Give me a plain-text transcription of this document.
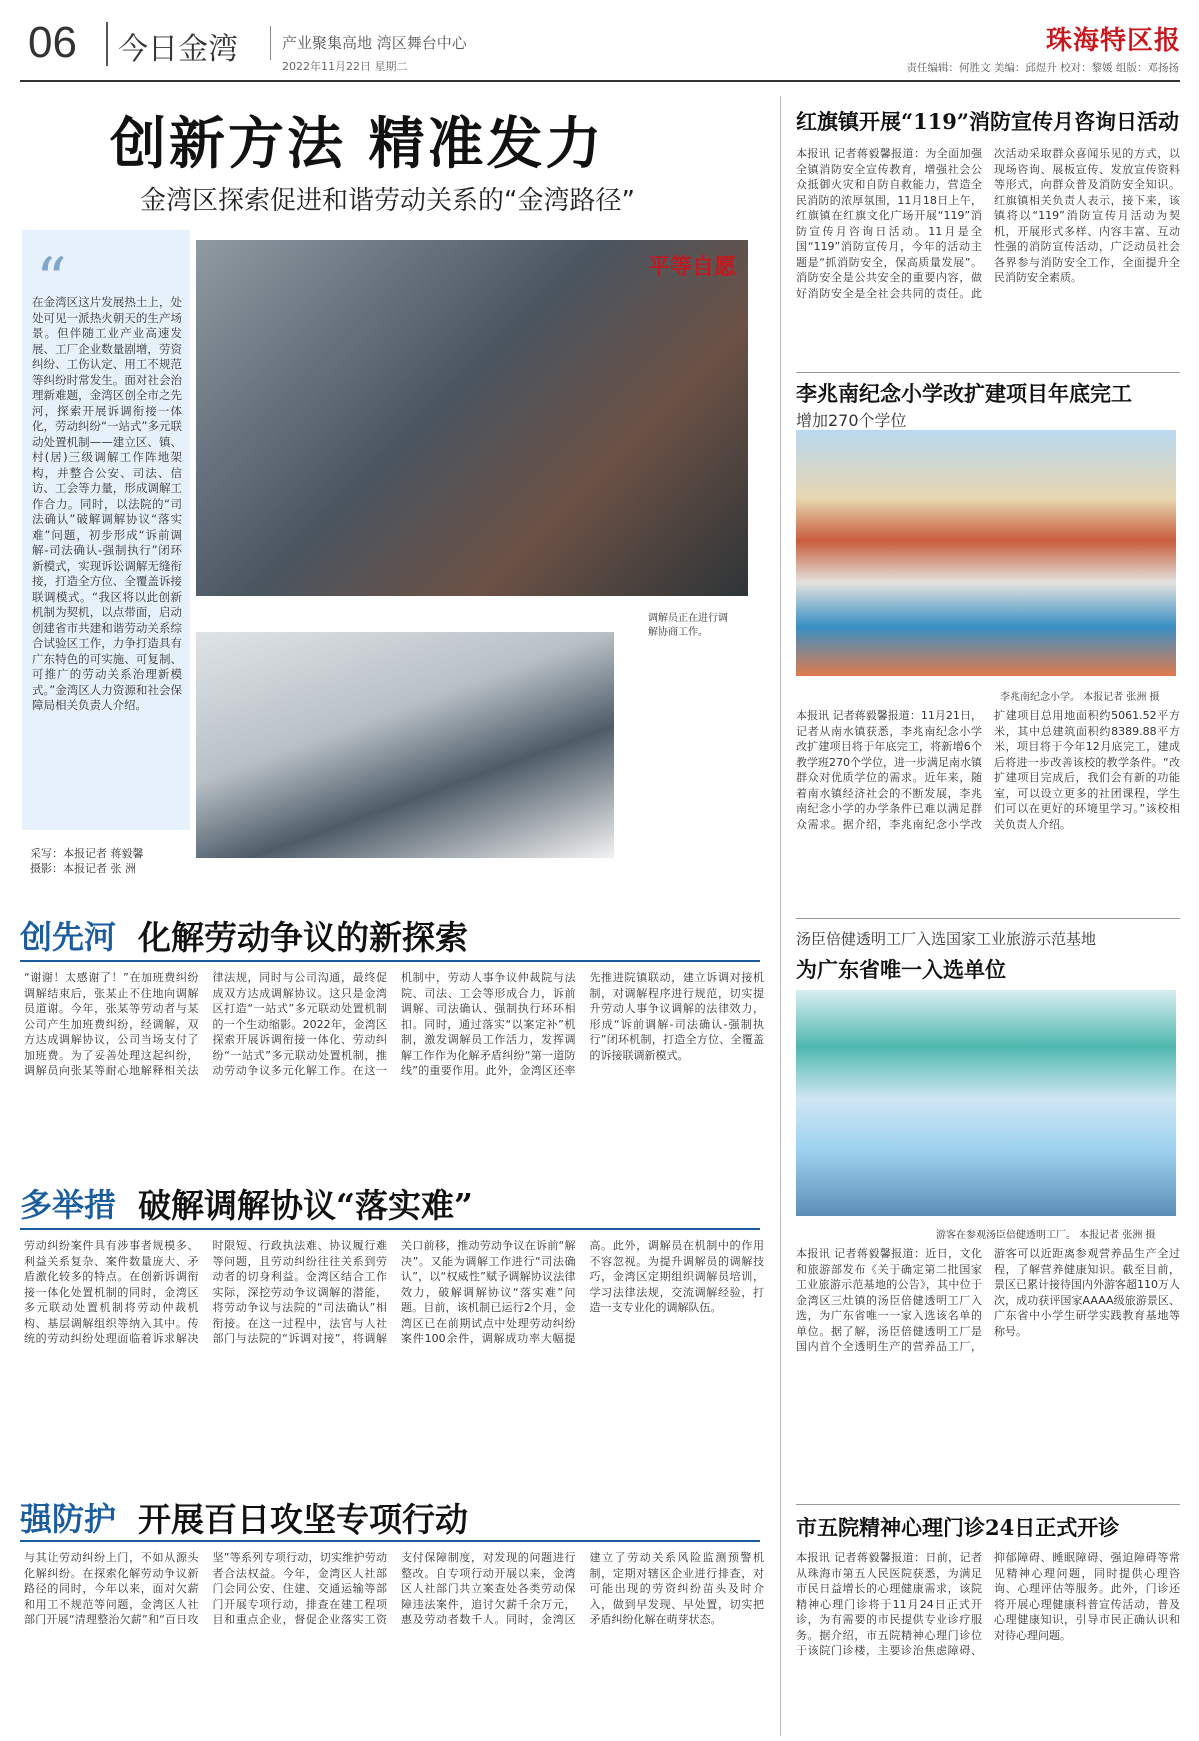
06 今日金湾	产业聚集高地 湾区舞台中心
2022年11月22日 星期二
珠海特区报
责任编辑：何胜文 美编：邱煜升 校对：黎媛 组版：邓扬扬
创新方法 精准发力
金湾区探索促进和谐劳动关系的“金湾路径”
“
在金湾区这片发展热土上，处处可见一派热火朝天的生产场景。但伴随工业产业高速发展、工厂企业数量剧增，劳资纠纷、工伤认定、用工不规范等纠纷时常发生。面对社会治理新难题，金湾区创全市之先河，探索开展诉调衔接一体化，劳动纠纷“一站式”多元联动处置机制——建立区、镇、村(居)三级调解工作阵地架构，并整合公安、司法、信访、工会等力量，形成调解工作合力。同时，以法院的“司法确认”破解调解协议“落实难”问题，初步形成“诉前调解-司法确认-强制执行”闭环新模式，实现诉讼调解无缝衔接，打造全方位、全覆盖诉接联调模式。“我区将以此创新机制为契机，以点带面，启动创建省市共建和谐劳动关系综合试验区工作，力争打造具有广东特色的可实施、可复制、可推广的劳动关系治理新模式。”金湾区人力资源和社会保障局相关负责人介绍。
采写：本报记者 蒋毅馨
摄影：本报记者 张 洲
平等自愿
调解员正在进行调解协商工作。
创先河 化解劳动争议的新探索
“谢谢！太感谢了！”在加班费纠纷调解结束后，张某止不住地向调解员道谢。今年，张某等劳动者与某公司产生加班费纠纷，经调解，双方达成调解协议，公司当场支付了加班费。为了妥善处理这起纠纷，调解员向张某等耐心地解释相关法律法规，同时与公司沟通，最终促成双方达成调解协议。这只是金湾区打造“一站式”多元联动处置机制的一个生动缩影。2022年，金湾区探索开展诉调衔接一体化、劳动纠纷“一站式”多元联动处置机制，推动劳动争议多元化解工作。在这一机制中，劳动人事争议仲裁院与法院、司法、工会等形成合力，诉前调解、司法确认、强制执行环环相扣。同时，通过落实“以案定补”机制，激发调解员工作活力，发挥调解工作作为化解矛盾纠纷“第一道防线”的重要作用。此外，金湾区还率先推进院镇联动，建立诉调对接机制，对调解程序进行规范，切实提升劳动人事争议调解的法律效力，形成“诉前调解-司法确认-强制执行”闭环机制，打造全方位、全覆盖的诉接联调新模式。
多举措 破解调解协议“落实难”
劳动纠纷案件具有涉事者规模多、利益关系复杂、案件数量庞大、矛盾激化较多的特点。在创新诉调衔接一体化处置机制的同时，金湾区多元联动处置机制将劳动仲裁机构、基层调解组织等纳入其中。传统的劳动纠纷处理面临着诉求解决时限短、行政执法难、协议履行难等问题，且劳动纠纷往往关系到劳动者的切身利益。金湾区结合工作实际，深挖劳动争议调解的潜能，将劳动争议与法院的“司法确认”相衔接。在这一过程中，法官与人社部门与法院的“诉调对接”，将调解关口前移，推动劳动争议在诉前“解决”。又能为调解工作进行“司法确认”，以“权威性”赋予调解协议法律效力，破解调解协议“落实难”问题。目前，该机制已运行2个月，金湾区已在前期试点中处理劳动纠纷案件100余件，调解成功率大幅提高。此外，调解员在机制中的作用不容忽视。为提升调解员的调解技巧，金湾区定期组织调解员培训，学习法律法规，交流调解经验，打造一支专业化的调解队伍。
强防护 开展百日攻坚专项行动
与其让劳动纠纷上门，不如从源头化解纠纷。在探索化解劳动争议新路径的同时，今年以来，面对欠薪和用工不规范等问题，金湾区人社部门开展“清理整治欠薪”和“百日攻坚”等系列专项行动，切实维护劳动者合法权益。今年，金湾区人社部门会同公安、住建、交通运输等部门开展专项行动，排查在建工程项目和重点企业，督促企业落实工资支付保障制度，对发现的问题进行整改。自专项行动开展以来，金湾区人社部门共立案查处各类劳动保障违法案件，追讨欠薪千余万元，惠及劳动者数千人。同时，金湾区建立了劳动关系风险监测预警机制，定期对辖区企业进行排查，对可能出现的劳资纠纷苗头及时介入，做到早发现、早处置，切实把矛盾纠纷化解在萌芽状态。
红旗镇开展“119”消防宣传月咨询日活动
本报讯 记者蒋毅馨报道：为全面加强全镇消防安全宣传教育，增强社会公众抵御火灾和自防自救能力，营造全民消防的浓厚氛围，11月18日上午，红旗镇在红旗文化广场开展“119”消防宣传月咨询日活动。11月是全国“119”消防宣传月，今年的活动主题是“抓消防安全，保高质量发展”。消防安全是公共安全的重要内容，做好消防安全是全社会共同的责任。此次活动采取群众喜闻乐见的方式，以现场咨询、展板宣传、发放宣传资料等形式，向群众普及消防安全知识。红旗镇相关负责人表示，接下来，该镇将以“119”消防宣传月活动为契机，开展形式多样、内容丰富、互动性强的消防宣传活动，广泛动员社会各界参与消防安全工作，全面提升全民消防安全素质。
李兆南纪念小学改扩建项目年底完工
增加270个学位
李兆南纪念小学。 本报记者 张洲 摄
本报讯 记者蒋毅馨报道：11月21日，记者从南水镇获悉，李兆南纪念小学改扩建项目将于年底完工，将新增6个教学班270个学位，进一步满足南水镇群众对优质学位的需求。近年来，随着南水镇经济社会的不断发展，李兆南纪念小学的办学条件已难以满足群众需求。据介绍，李兆南纪念小学改扩建项目总用地面积约5061.52平方米，其中总建筑面积约8389.88平方米，项目将于今年12月底完工，建成后将进一步改善该校的教学条件。“改扩建项目完成后，我们会有新的功能室，可以设立更多的社团课程，学生们可以在更好的环境里学习。”该校相关负责人介绍。
汤臣倍健透明工厂入选国家工业旅游示范基地
为广东省唯一入选单位
游客在参观汤臣倍健透明工厂。 本报记者 张洲 摄
本报讯 记者蒋毅馨报道：近日，文化和旅游部发布《关于确定第二批国家工业旅游示范基地的公告》，其中位于金湾区三灶镇的汤臣倍健透明工厂入选，为广东省唯一一家入选该名单的单位。据了解，汤臣倍健透明工厂是国内首个全透明生产的营养品工厂，游客可以近距离参观营养品生产全过程，了解营养健康知识。截至目前，景区已累计接待国内外游客超110万人次，成功获评国家AAAA级旅游景区、广东省中小学生研学实践教育基地等称号。
市五院精神心理门诊24日正式开诊
本报讯 记者蒋毅馨报道：日前，记者从珠海市第五人民医院获悉，为满足市民日益增长的心理健康需求，该院精神心理门诊将于11月24日正式开诊，为有需要的市民提供专业诊疗服务。据介绍，市五院精神心理门诊位于该院门诊楼，主要诊治焦虑障碍、抑郁障碍、睡眠障碍、强迫障碍等常见精神心理问题，同时提供心理咨询、心理评估等服务。此外，门诊还将开展心理健康科普宣传活动，普及心理健康知识，引导市民正确认识和对待心理问题。
